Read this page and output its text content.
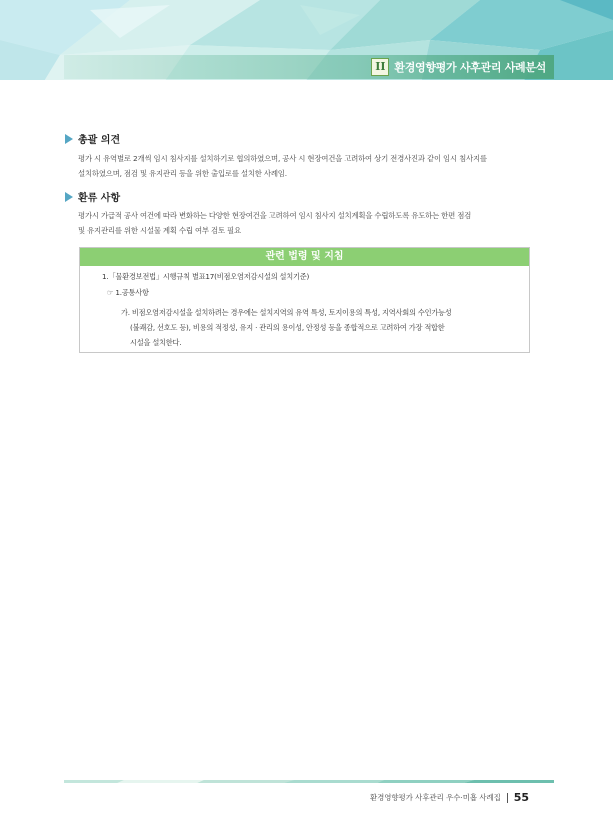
II 환경영향평가 사후관리 사례분석
총괄 의견
평가 시 유역별로 2개씩 임시 침사지를 설치하기로 협의하였으며, 공사 시 현장여건을 고려하여 상기 전경사진과 같이 임시 침사지를
설치하였으며, 점검 및 유지관리 등을 위한 출입로를 설치한 사례임.
환류 사항
평가시 가급적 공사 여건에 따라 변화하는 다양한 현장여건을 고려하여 임시 침사지 설치계획을 수립하도록 유도하는 한편 점검
및 유지관리를 위한 시설물 계획 수립 여부 검토 필요
관련 법령 및 지침
1.「물환경보전법」시행규칙 별표17(비점오염저감시설의 설치기준)
☞ 1.공통사항
가. 비점오염저감시설을 설치하려는 경우에는 설치지역의 유역 특성, 토지이용의 특성, 지역사회의 수인가능성
(불쾌감, 선호도 등), 비용의 적정성, 유지 · 관리의 용이성, 안정성 등을 종합적으로 고려하여 가장 적합한
시설을 설치한다.
환경영향평가 사후관리 우수·미흡 사례집 55
